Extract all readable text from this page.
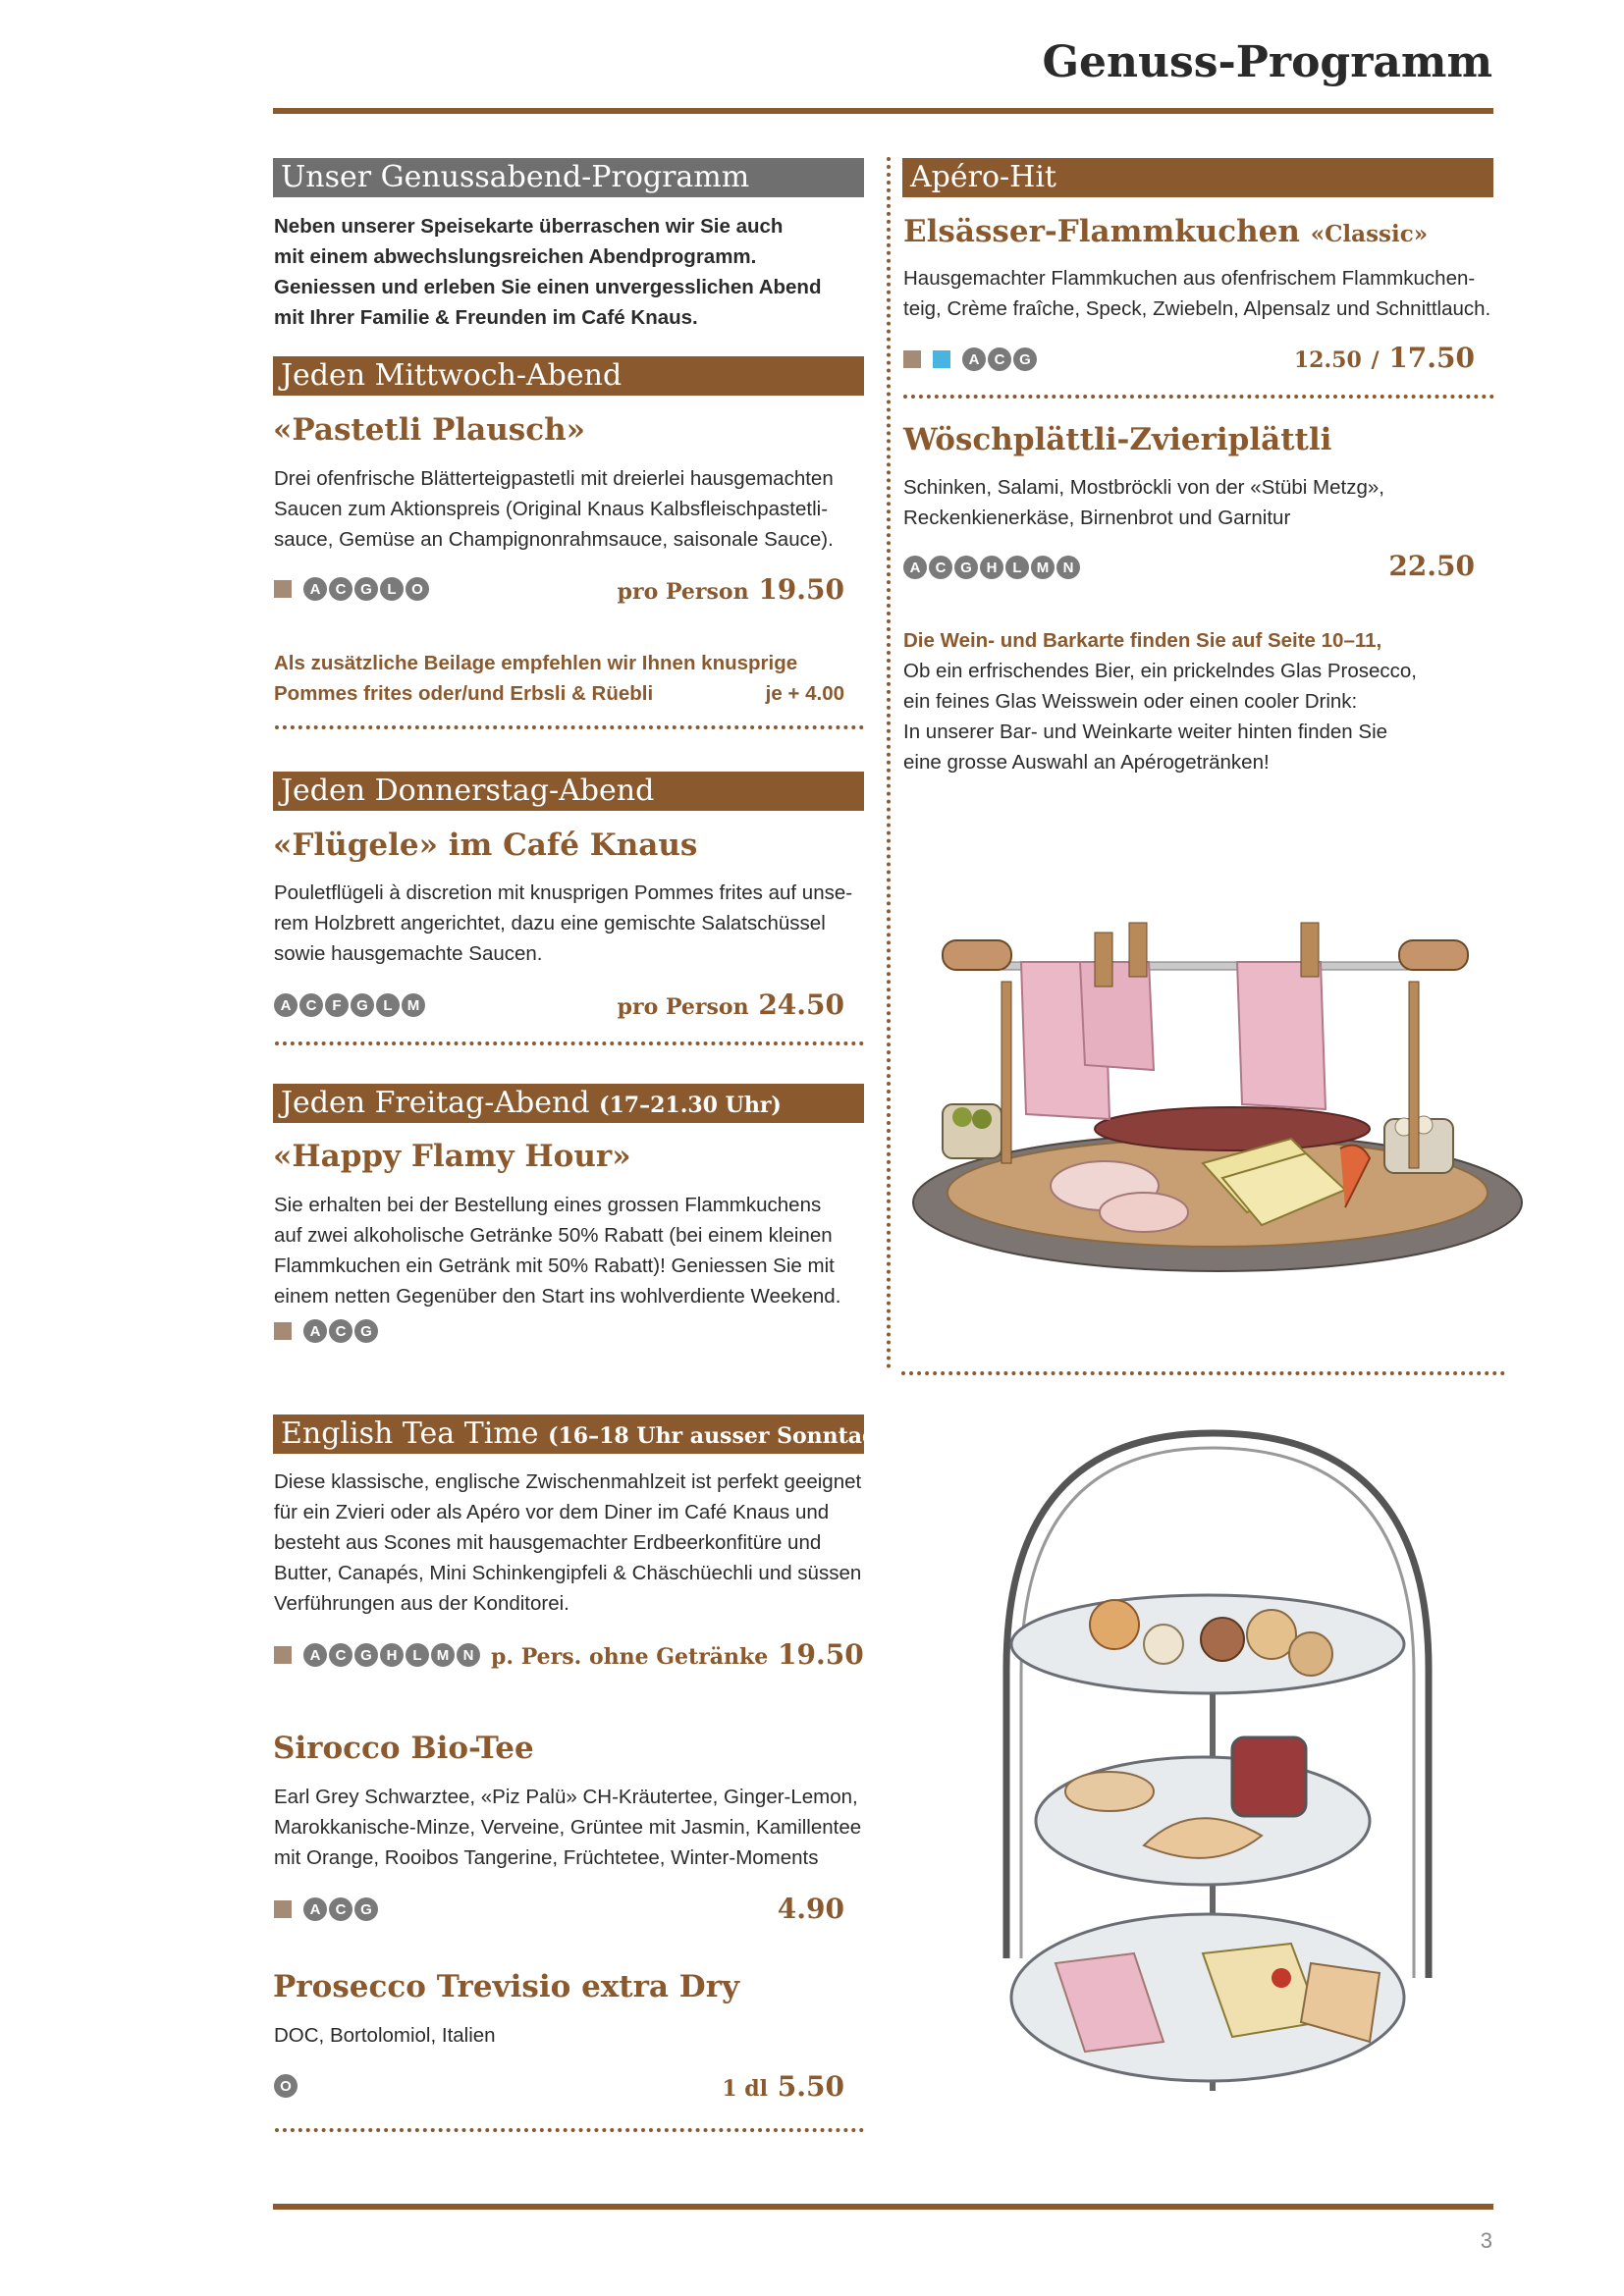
Genuss-Programm
Unser Genussabend-Programm
Neben unserer Speisekarte überraschen wir Sie auch
mit einem abwechslungsreichen Abendprogramm.
Geniessen und erleben Sie einen unvergesslichen Abend
mit Ihrer Familie & Freunden im Café Knaus.
Jeden Mittwoch-Abend
«Pastetli Plausch»
Drei ofenfrische Blätterteigpastetli mit dreierlei hausgemachten
Saucen zum Aktionspreis (Original Knaus Kalbsfleischpastetli-
sauce, Gemüse an Champignonrahmsauce, saisonale Sauce).
A	C G	L	O	pro Person 19.50
Als zusätzliche Beilage empfehlen wir Ihnen knusprige
Pommes frites oder/und Erbsli & Rüebli	je + 4.00
Jeden Donnerstag-Abend
«Flügele» im Café Knaus
Pouletflügeli à discretion mit knusprigen Pommes frites auf unse-
rem Holzbrett angerichtet, dazu eine gemischte Salatschüssel
sowie hausgemachte Saucen.
A	C	F	G	L	M	pro Person 24.50
Jeden Freitag-Abend (17–21.30 Uhr)
«Happy Flamy Hour»
Sie erhalten bei der Bestellung eines grossen Flammkuchens
auf zwei alkoholische Getränke 50% Rabatt (bei einem kleinen
Flammkuchen ein Getränk mit 50% Rabatt)! Geniessen Sie mit
einem netten Gegenüber den Start ins wohlverdiente Weekend.
A	C G
English Tea Time (16–18 Uhr ausser Sonntag)
Diese klassische, englische Zwischenmahlzeit ist perfekt geeignet
für ein Zvieri oder als Apéro vor dem Diner im Café Knaus und
besteht aus Scones mit hausgemachter Erdbeerkonfitüre und
Butter, Canapés, Mini Schinkengipfeli & Chäschüechli und süssen
Verführungen aus der Konditorei.
A	C G H	L	M N p. Pers. ohne Getränke 19.50
Sirocco Bio-Tee
Earl Grey Schwarztee, «Piz Palü» CH-Kräutertee, Ginger-Lemon,
Marokkanische-Minze, Verveine, Grüntee mit Jasmin, Kamillentee
mit Orange, Rooibos Tangerine, Früchtetee, Winter-Moments
A	C G	4.90
Prosecco Trevisio extra Dry
DOC, Bortolomiol, Italien
O	1 dl 5.50
Apéro-Hit
Elsässer-Flammkuchen «Classic»
Hausgemachter Flammkuchen aus ofenfrischem Flammkuchen-
teig, Crème fraîche, Speck, Zwiebeln, Alpensalz und Schnittlauch.
A	C G	12.50 / 17.50
Wöschplättli-Zvieriplättli
Schinken, Salami, Mostbröckli von der «Stübi Metzg»,
Reckenkienerkäse, Birnenbrot und Garnitur
A	C G H	L	M N	22.50
Die Wein- und Barkarte finden Sie auf Seite 10–11,
Ob ein erfrischendes Bier, ein prickelndes Glas Prosecco,
ein feines Glas Weisswein oder einen cooler Drink:
In unserer Bar- und Weinkarte weiter hinten finden Sie
eine grosse Auswahl an Apérogetränken!
3
